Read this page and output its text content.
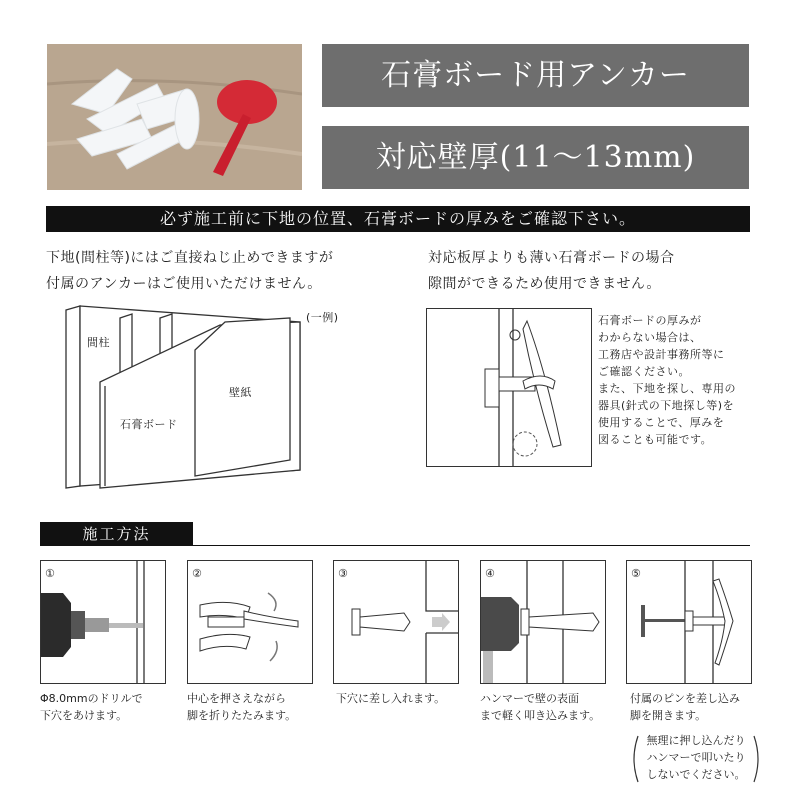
石膏ボード用アンカー
対応壁厚(11～13mm)
必ず施工前に下地の位置、石膏ボードの厚みをご確認下さい。
下地(間柱等)にはご直接ねじ止めできますが
付属のアンカーはご使用いただけません。
(一例)
間柱
壁紙
石膏ボード
対応板厚よりも薄い石膏ボードの場合
隙間ができるため使用できません。
石膏ボードの厚みが
わからない場合は、
工務店や設計事務所等に
ご確認ください。
また、下地を探し、専用の
器具(針式の下地探し等)を
使用することで、厚みを
図ることも可能です。
施工方法
①	②	③	④	⑤
Φ8.0mmのドリルで
下穴をあけます。
中心を押さえながら
脚を折りたたみます。
下穴に差し入れます。	ハンマーで壁の表面
まで軽く叩き込みます。
付属のピンを差し込み
脚を開きます。
無理に押し込んだり
ハンマーで叩いたり
しないでください。
